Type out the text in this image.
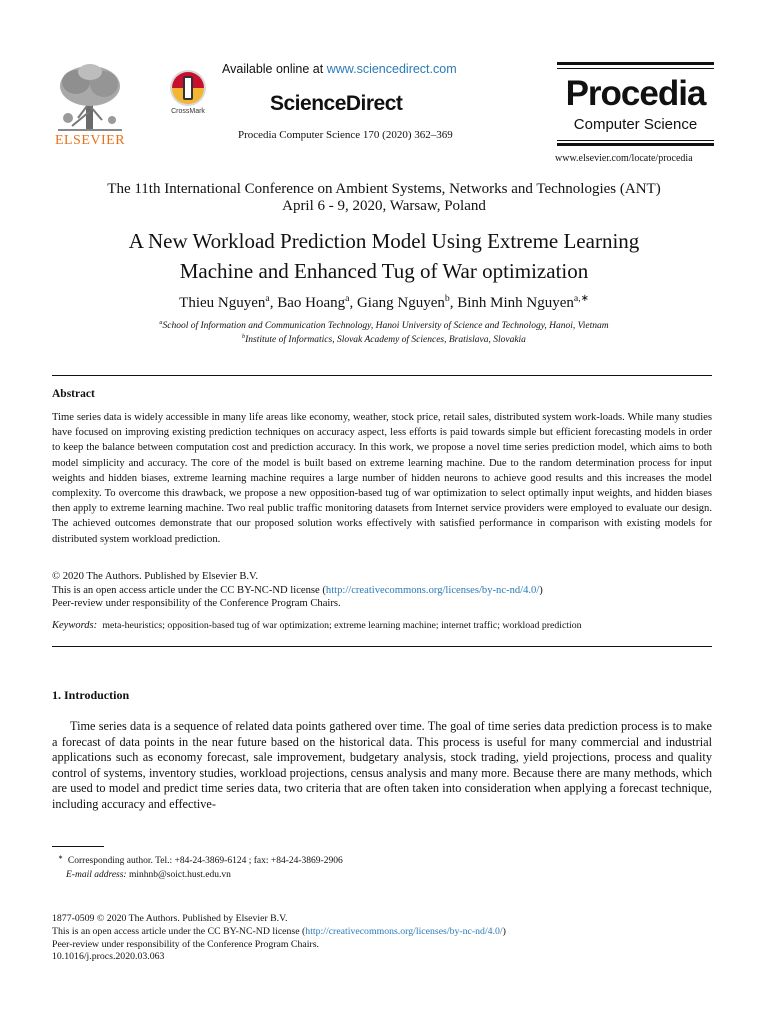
ELSEVIER
CrossMark
Available online at www.sciencedirect.com
ScienceDirect
Procedia Computer Science 170 (2020) 362–369
Procedia
Computer Science
www.elsevier.com/locate/procedia
The 11th International Conference on Ambient Systems, Networks and Technologies (ANT)
April 6 - 9, 2020, Warsaw, Poland
A New Workload Prediction Model Using Extreme Learning
Machine and Enhanced Tug of War optimization
Thieu Nguyen$^a$, Bao Hoang$^a$, Giang Nguyen$^b$, Binh Minh Nguyen$^{a,∗}$
$^a$School of Information and Communication Technology, Hanoi University of Science and Technology, Hanoi, Vietnam
$^b$Institute of Informatics, Slovak Academy of Sciences, Bratislava, Slovakia
Abstract
Time series data is widely accessible in many life areas like economy, weather, stock price, retail sales, distributed system work-loads. While many studies have focused on improving existing prediction techniques on accuracy aspect, less efforts is paid towards simple but efficient forecasting models in order to keep the balance between computation cost and prediction accuracy. In this work, we propose a novel time series prediction model, which aims to both model simplicity and accuracy. The core of the model is built based on extreme learning machine. Due to the random determination process for input weights and hidden biases, extreme learning machine requires a large number of hidden neurons to achieve good results and this increases the model complexity. To overcome this drawback, we propose a new opposition-based tug of war optimization to select optimally input weights, and hidden biases then apply to extreme learning machine. Two real public traffic monitoring datasets from Internet service providers were employed to evaluate our design. The achieved outcomes demonstrate that our proposed solution works effectively with satisfied performance in comparison with existing models for distributed system workload prediction.
© 2020 The Authors. Published by Elsevier B.V.
This is an open access article under the CC BY-NC-ND license (http://creativecommons.org/licenses/by-nc-nd/4.0/)
Peer-review under responsibility of the Conference Program Chairs.
Keywords: meta-heuristics; opposition-based tug of war optimization; extreme learning machine; internet traffic; workload prediction
1. Introduction
Time series data is a sequence of related data points gathered over time. The goal of time series data prediction process is to make a forecast of data points in the near future based on the historical data. This process is useful for many commercial and industrial applications such as economy forecast, sale improvement, budgetary analysis, stock trading, yield projections, process and quality control of systems, inventory studies, workload projections, census analysis and many more. Because there are many methods, which are used to model and predict time series data, two criteria that are often taken into consideration when applying a forecast technique, including accuracy and effective-
∗ Corresponding author. Tel.: +84-24-3869-6124 ; fax: +84-24-3869-2906
E-mail address: minhnb@soict.hust.edu.vn
1877-0509 © 2020 The Authors. Published by Elsevier B.V.
This is an open access article under the CC BY-NC-ND license (http://creativecommons.org/licenses/by-nc-nd/4.0/)
Peer-review under responsibility of the Conference Program Chairs.
10.1016/j.procs.2020.03.063
